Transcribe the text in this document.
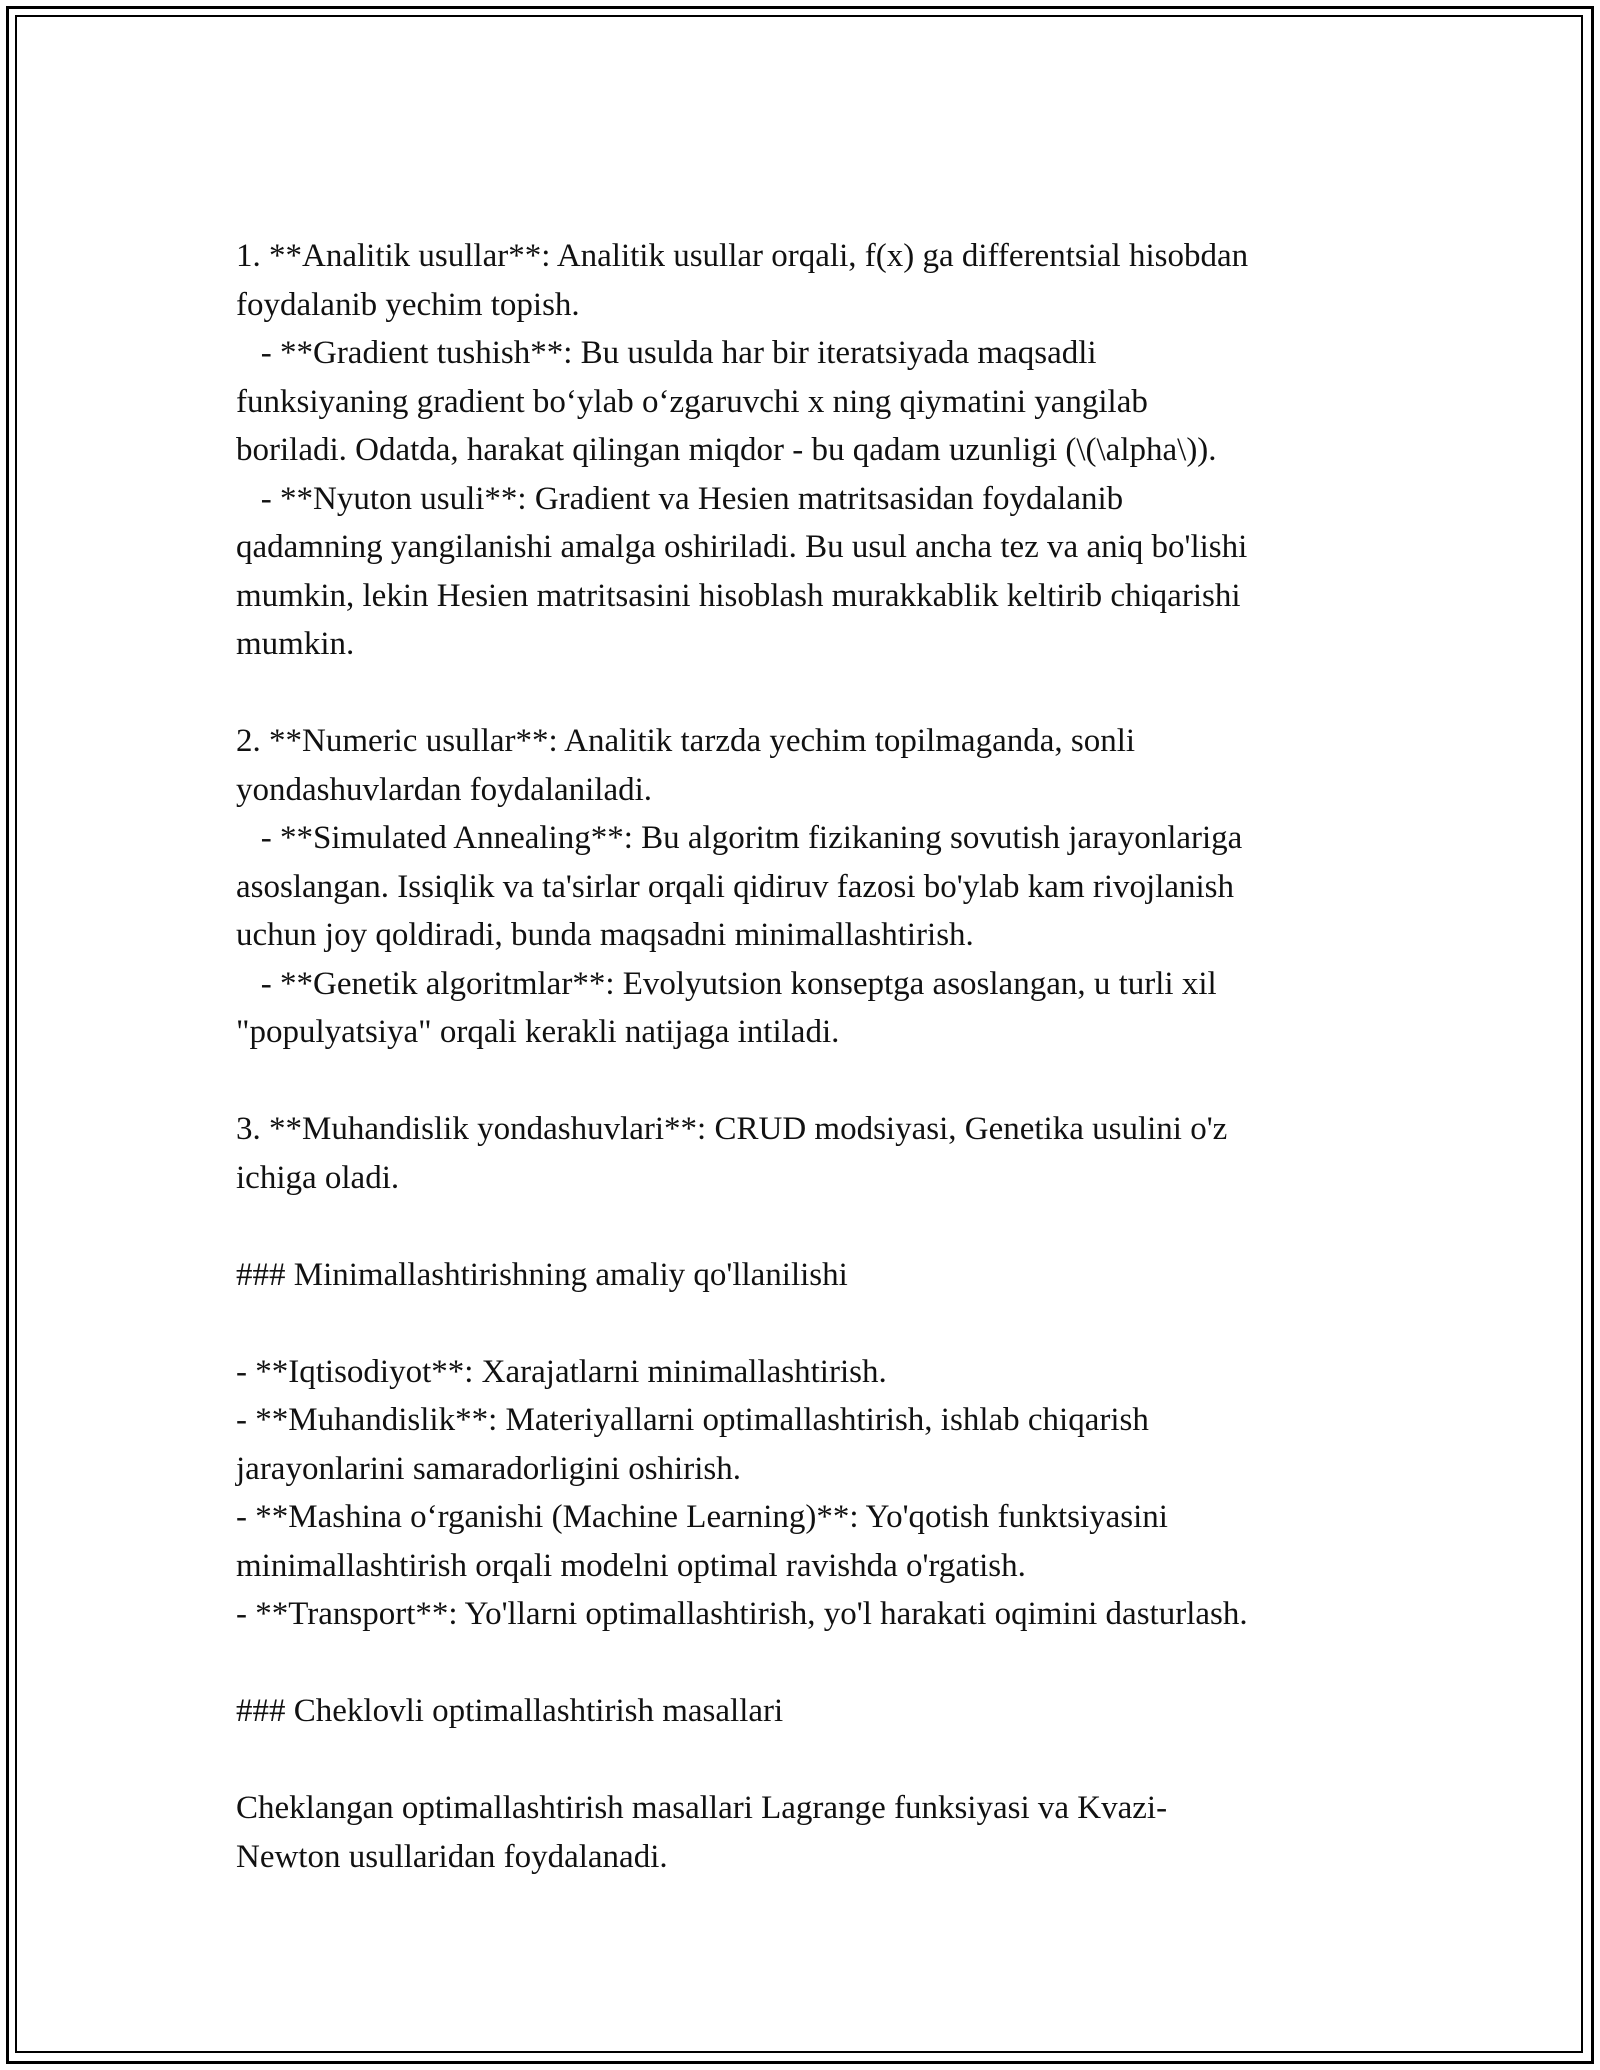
1. **Analitik usullar**: Analitik usullar orqali, f(x) ga differentsial hisobdan
foydalanib yechim topish.
- **Gradient tushish**: Bu usulda har bir iteratsiyada maqsadli
funksiyaning gradient bo‘ylab o‘zgaruvchi x ning qiymatini yangilab
boriladi. Odatda, harakat qilingan miqdor - bu qadam uzunligi (\(\alpha\)).
- **Nyuton usuli**: Gradient va Hesien matritsasidan foydalanib
qadamning yangilanishi amalga oshiriladi. Bu usul ancha tez va aniq bo'lishi
mumkin, lekin Hesien matritsasini hisoblash murakkablik keltirib chiqarishi
mumkin.
2. **Numeric usullar**: Analitik tarzda yechim topilmaganda, sonli
yondashuvlardan foydalaniladi.
- **Simulated Annealing**: Bu algoritm fizikaning sovutish jarayonlariga
asoslangan. Issiqlik va ta'sirlar orqali qidiruv fazosi bo'ylab kam rivojlanish
uchun joy qoldiradi, bunda maqsadni minimallashtirish.
- **Genetik algoritmlar**: Evolyutsion konseptga asoslangan, u turli xil
"populyatsiya" orqali kerakli natijaga intiladi.
3. **Muhandislik yondashuvlari**: CRUD modsiyasi, Genetika usulini o'z
ichiga oladi.
### Minimallashtirishning amaliy qo'llanilishi
- **Iqtisodiyot**: Xarajatlarni minimallashtirish.
- **Muhandislik**: Materiyallarni optimallashtirish, ishlab chiqarish
jarayonlarini samaradorligini oshirish.
- **Mashina o‘rganishi (Machine Learning)**: Yo'qotish funktsiyasini
minimallashtirish orqali modelni optimal ravishda o'rgatish.
- **Transport**: Yo'llarni optimallashtirish, yo'l harakati oqimini dasturlash.
### Cheklovli optimallashtirish masallari
Cheklangan optimallashtirish masallari Lagrange funksiyasi va Kvazi-
Newton usullaridan foydalanadi.
